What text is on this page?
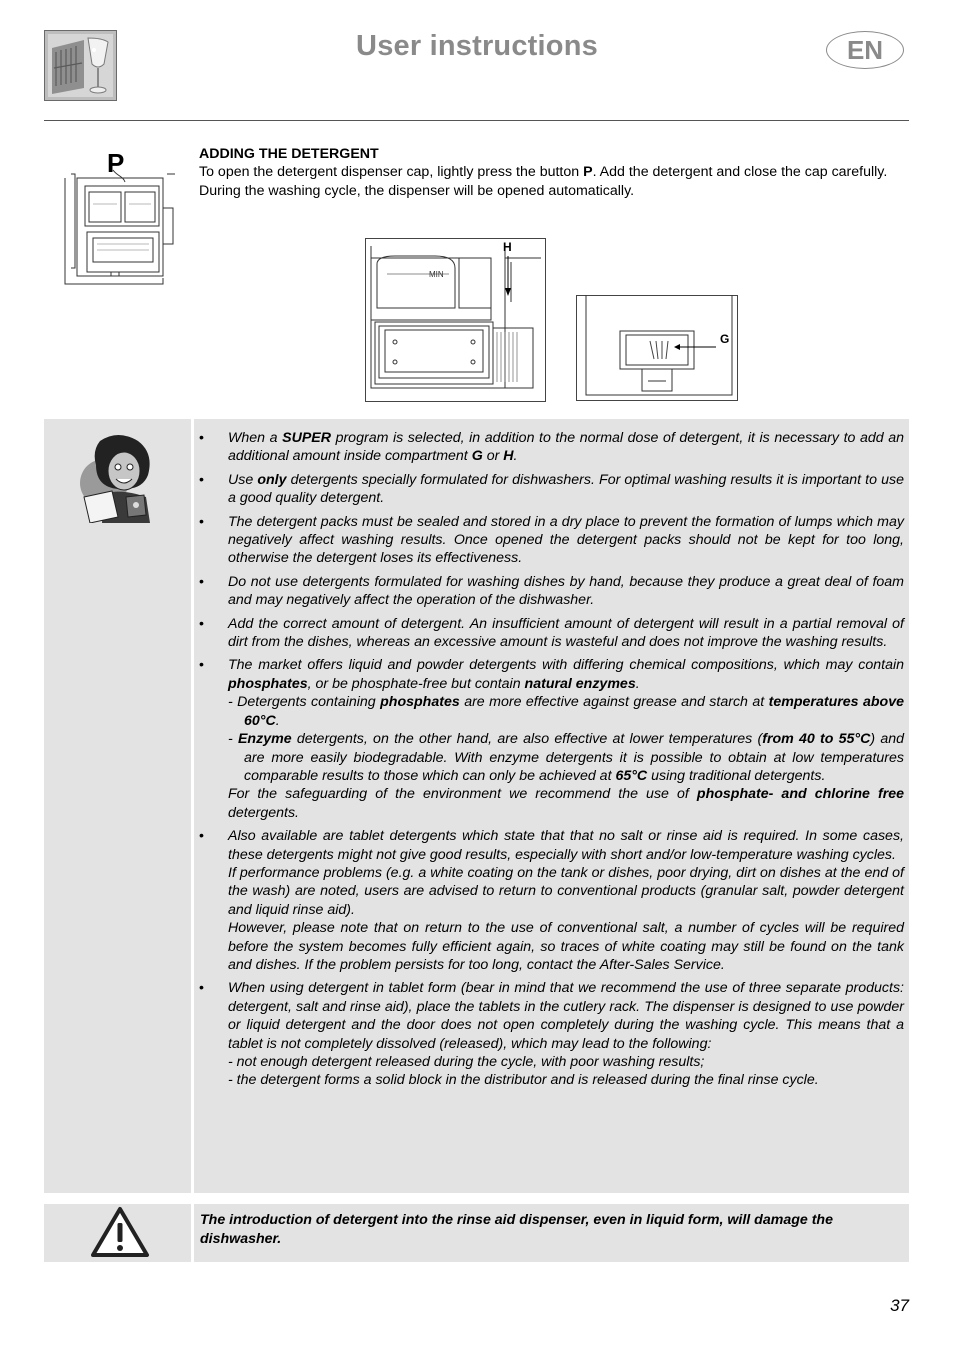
User instructions	EN
P	ADDING THE DETERGENT

To open the detergent dispenser cap, lightly press the button P. Add the detergent and close the cap carefully.

During the washing cycle, the dispenser will be opened automatically.

MIN
H
G
• When a SUPER program is selected, in addition to the normal dose of detergent, it is necessary to add an additional amount inside compartment G or H.
• Use only detergents specially formulated for dishwashers. For optimal washing results it is important to use a good quality detergent.
• The detergent packs must be sealed and stored in a dry place to prevent the formation of lumps which may negatively affect washing results. Once opened the detergent packs should not be kept for too long, otherwise the detergent loses its effectiveness.
• Do not use detergents formulated for washing dishes by hand, because they produce a great deal of foam and may negatively affect the operation of the dishwasher.
• Add the correct amount of detergent. An insufficient amount of detergent will result in a partial removal of dirt from the dishes, whereas an excessive amount is wasteful and does not improve the washing results.

• The market offers liquid and powder detergents with differing chemical compositions, which may contain phosphates, or be phosphate-free but contain natural enzymes.

- Detergents containing phosphates are more effective against grease and starch at temperatures above 60°C.
- Enzyme detergents, on the other hand, are also effective at lower temperatures (from 40 to 55°C) and are more easily biodegradable. With enzyme detergents it is possible to obtain at low temperatures comparable results to those which can only be achieved at 65°C using traditional detergents.

For the safeguarding of the environment we recommend the use of phosphate- and chlorine free detergents.

• Also available are tablet detergents which state that that no salt or rinse aid is required. In some cases, these detergents might not give good results, especially with short and/or low-temperature washing cycles.

If performance problems (e.g. a white coating on the tank or dishes, poor drying, dirt on dishes at the end of the wash) are noted, users are advised to return to conventional products (granular salt, powder detergent and liquid rinse aid).

However, please note that on return to the use of conventional salt, a number of cycles will be required before the system becomes fully efficient again, so traces of white coating may still be found on the tank and dishes. If the problem persists for too long, contact the After-Sales Service.

• When using detergent in tablet form (bear in mind that we recommend the use of three separate products: detergent, salt and rinse aid), place the tablets in the cutlery rack. The dispenser is designed to use powder or liquid detergent and the door does not open completely during the washing cycle. This means that a tablet is not completely dissolved (released), which may lead to the following:

- not enough detergent released during the cycle, with poor washing results;
- the detergent forms a solid block in the distributor and is released during the final rinse cycle.
The introduction of detergent into the rinse aid dispenser, even in liquid form, will damage the dishwasher.
37
